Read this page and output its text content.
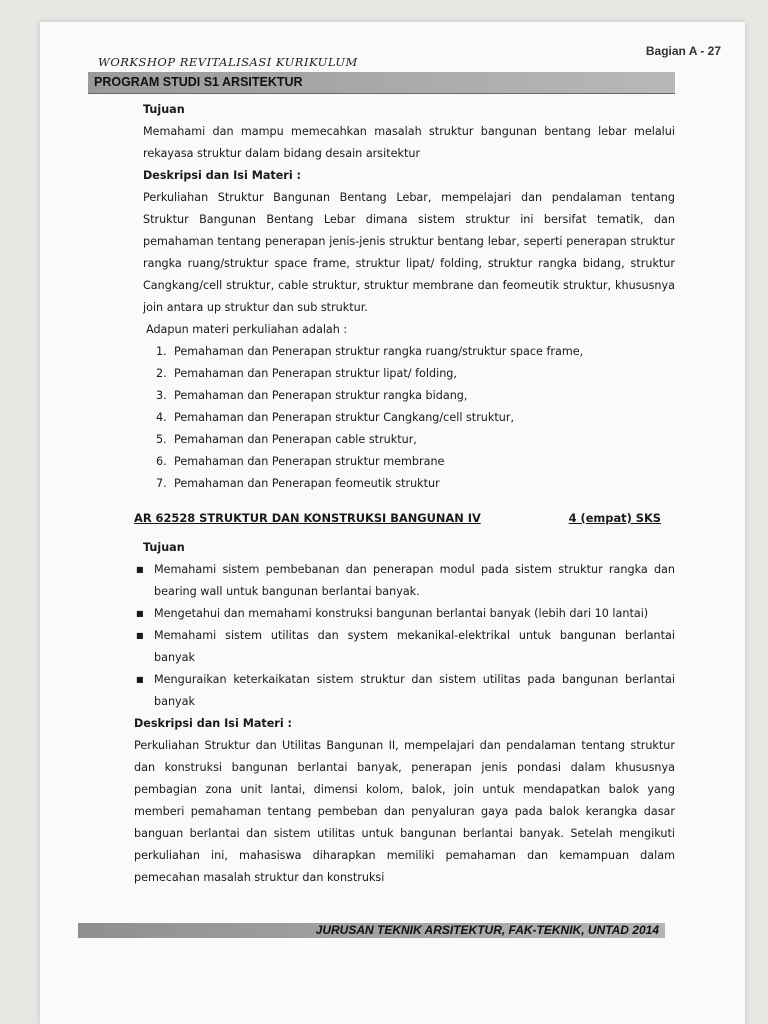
Bagian A - 27
WORKSHOP REVITALISASI KURIKULUM
PROGRAM STUDI S1 ARSITEKTUR
Tujuan

Memahami dan mampu memecahkan masalah struktur bangunan bentang lebar melalui rekayasa struktur dalam bidang desain arsitektur

Deskripsi dan Isi Materi :

Perkuliahan Struktur Bangunan Bentang Lebar, mempelajari dan pendalaman tentang Struktur Bangunan Bentang Lebar dimana sistem struktur ini bersifat tematik, dan pemahaman tentang penerapan jenis-jenis struktur bentang lebar, seperti penerapan struktur rangka ruang/struktur space frame, struktur lipat/ folding, struktur rangka bidang, struktur Cangkang/cell struktur, cable struktur, struktur membrane dan feomeutik struktur, khususnya join antara up struktur dan sub struktur.

Adapun materi perkuliahan adalah :
1. Pemahaman dan Penerapan struktur rangka ruang/struktur space frame,
2. Pemahaman dan Penerapan struktur lipat/ folding,
3. Pemahaman dan Penerapan struktur rangka bidang,
4. Pemahaman dan Penerapan struktur Cangkang/cell struktur,
5. Pemahaman dan Penerapan cable struktur,
6. Pemahaman dan Penerapan struktur membrane
7. Pemahaman dan Penerapan feomeutik struktur
AR 62528 STRUKTUR DAN KONSTRUKSI BANGUNAN IV	4 (empat) SKS
Tujuan
■ Memahami sistem pembebanan dan penerapan modul pada sistem struktur rangka dan bearing wall untuk bangunan berlantai banyak.
■ Mengetahui dan memahami konstruksi bangunan berlantai banyak (lebih dari 10 lantai)
■ Memahami sistem utilitas dan system mekanikal-elektrikal untuk bangunan berlantai banyak
■ Menguraikan keterkaikatan sistem struktur dan sistem utilitas pada bangunan berlantai banyak
Deskripsi dan Isi Materi :

Perkuliahan Struktur dan Utilitas Bangunan II, mempelajari dan pendalaman tentang struktur dan konstruksi bangunan berlantai banyak, penerapan jenis pondasi dalam khususnya pembagian zona unit lantai, dimensi kolom, balok, join untuk mendapatkan balok yang memberi pemahaman tentang pembeban dan penyaluran gaya pada balok kerangka dasar banguan berlantai dan sistem utilitas untuk bangunan berlantai banyak. Setelah mengikuti perkuliahan ini, mahasiswa diharapkan memiliki pemahaman dan kemampuan dalam pemecahan masalah struktur dan konstruksi

JURUSAN TEKNIK ARSITEKTUR, FAK-TEKNIK, UNTAD 2014
